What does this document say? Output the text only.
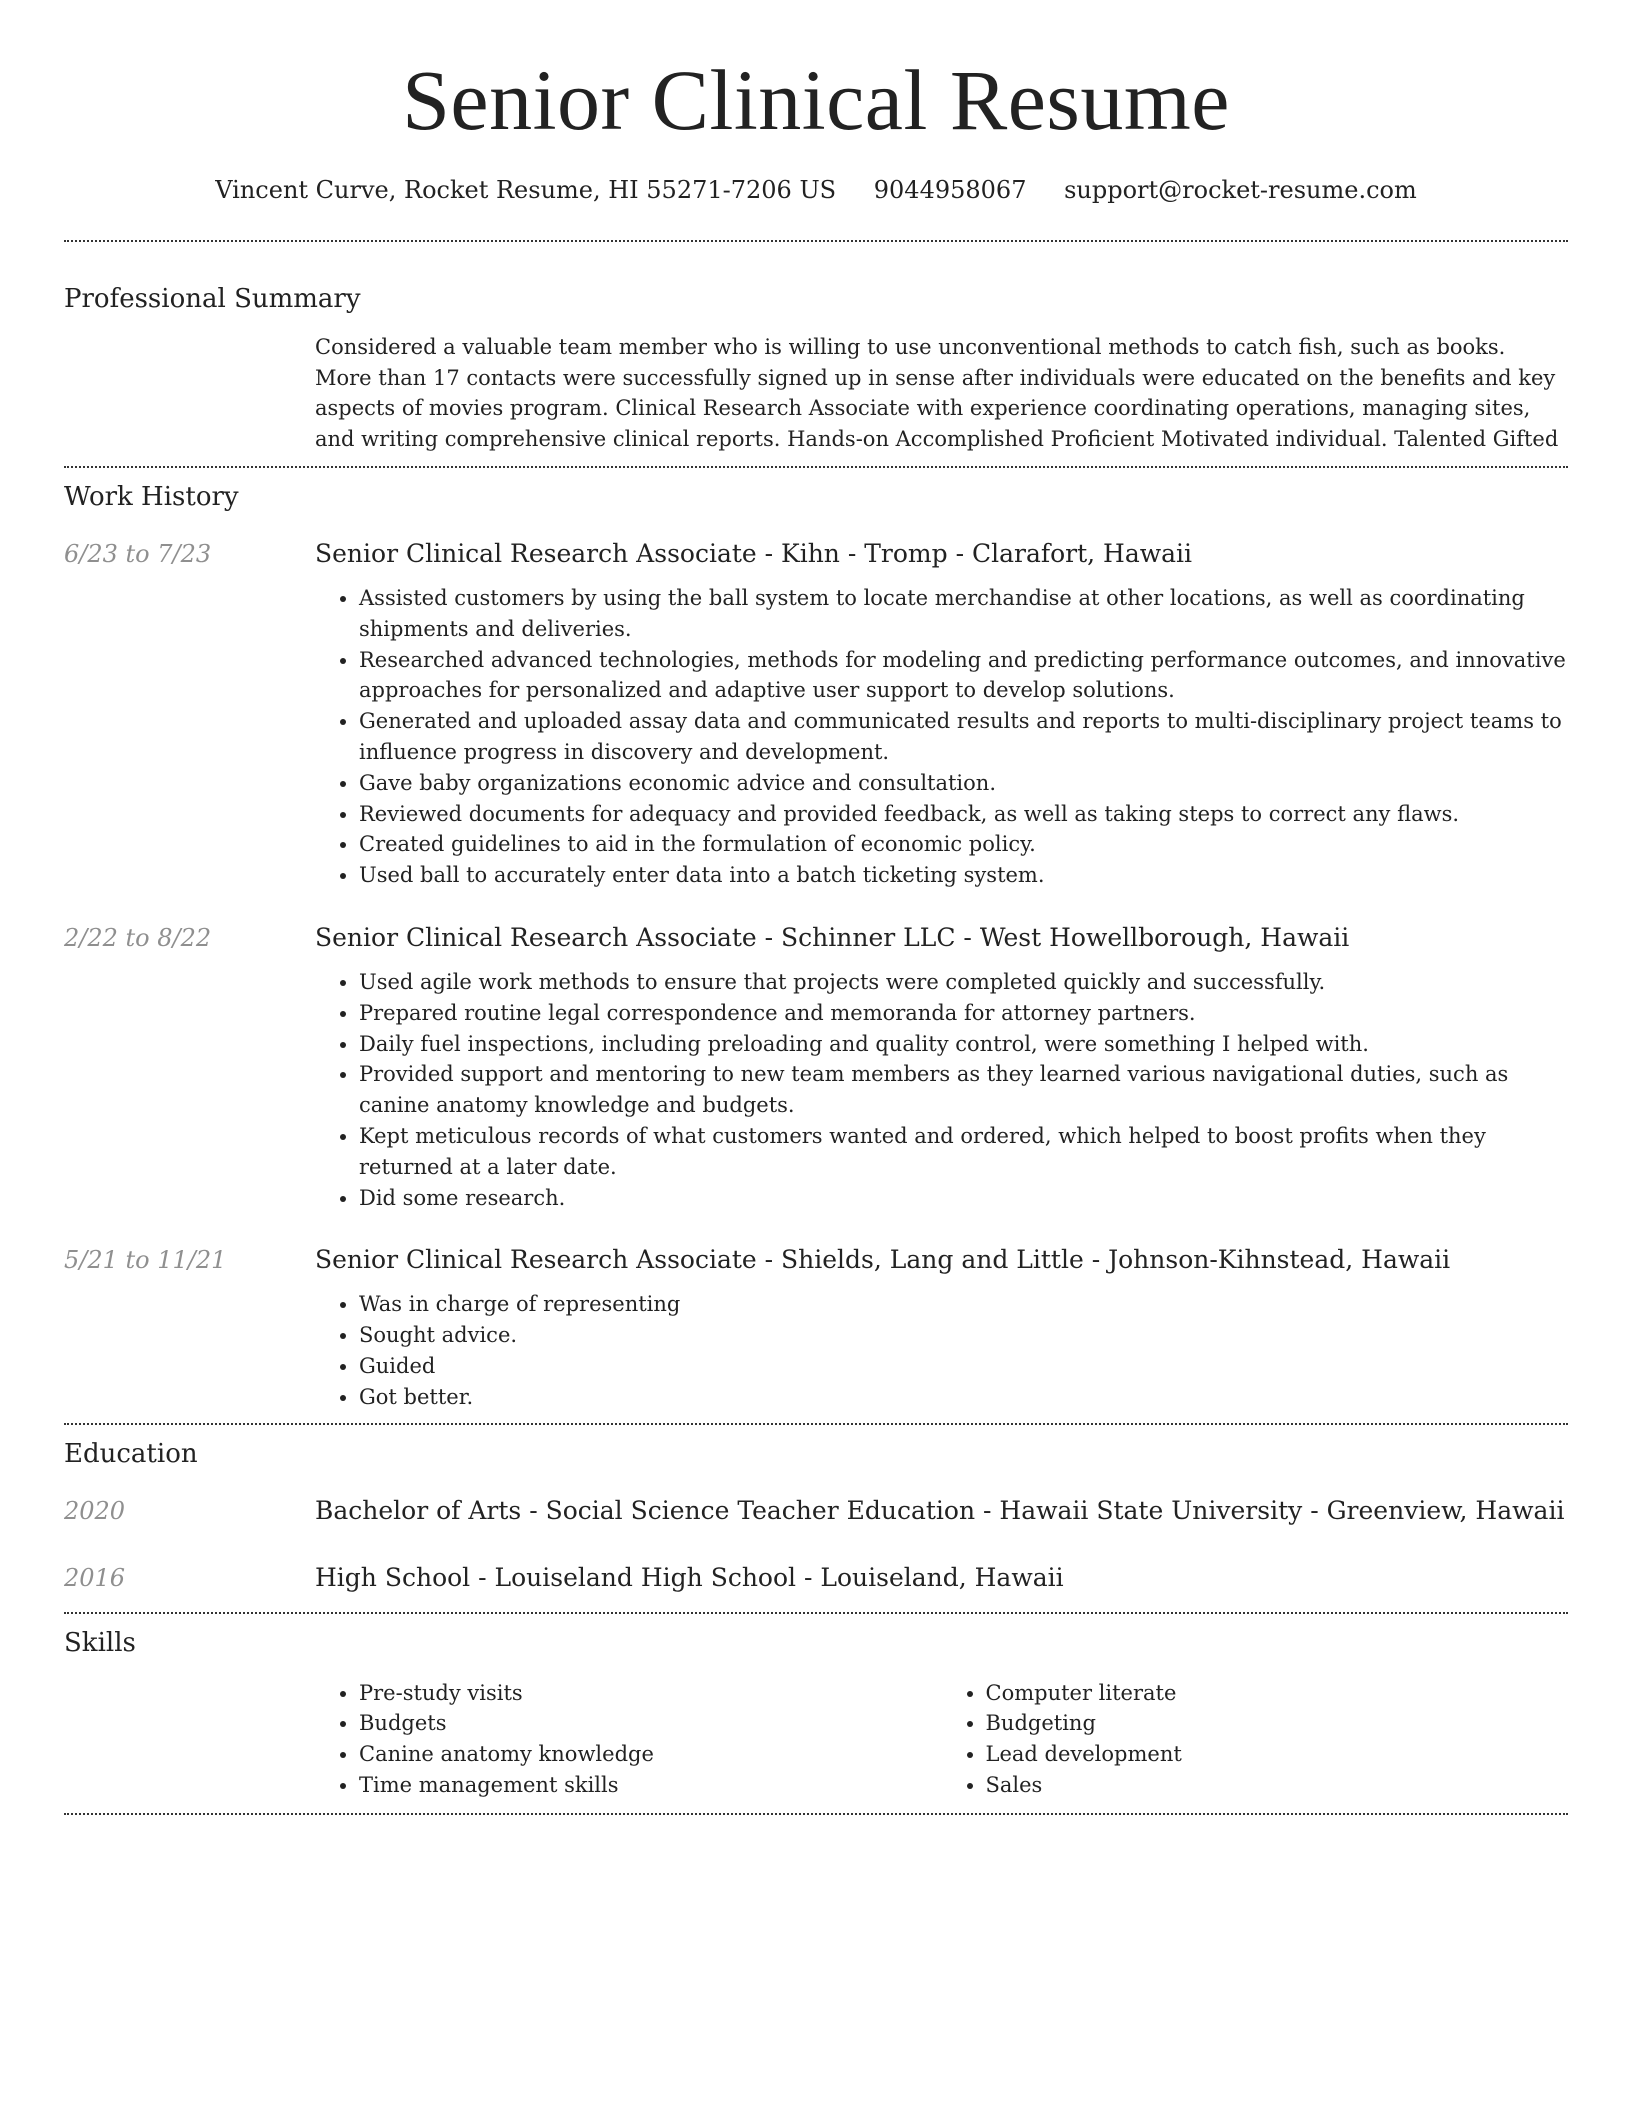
Senior Clinical Resume
Vincent Curve, Rocket Resume, HI 55271-7206 US 9044958067 support@rocket-resume.com
Professional Summary

Considered a valuable team member who is willing to use unconventional methods to catch fish, such as books. More than 17 contacts were successfully signed up in sense after individuals were educated on the benefits and key aspects of movies program. Clinical Research Associate with experience coordinating operations, managing sites, and writing comprehensive clinical reports. Hands-on Accomplished Proficient Motivated individual. Talented Gifted

Work History
6/23 to 7/23	Senior Clinical Research Associate - Kihn - Tromp - Clarafort, Hawaii
• Assisted customers by using the ball system to locate merchandise at other locations, as well as coordinating shipments and deliveries.
• Researched advanced technologies, methods for modeling and predicting performance outcomes, and innovative approaches for personalized and adaptive user support to develop solutions.
• Generated and uploaded assay data and communicated results and reports to multi-disciplinary project teams to influence progress in discovery and development.
• Gave baby organizations economic advice and consultation.
• Reviewed documents for adequacy and provided feedback, as well as taking steps to correct any flaws.
• Created guidelines to aid in the formulation of economic policy.
• Used ball to accurately enter data into a batch ticketing system.
2/22 to 8/22	Senior Clinical Research Associate - Schinner LLC - West Howellborough, Hawaii
• Used agile work methods to ensure that projects were completed quickly and successfully.
• Prepared routine legal correspondence and memoranda for attorney partners.
• Daily fuel inspections, including preloading and quality control, were something I helped with.
• Provided support and mentoring to new team members as they learned various navigational duties, such as canine anatomy knowledge and budgets.
• Kept meticulous records of what customers wanted and ordered, which helped to boost profits when they returned at a later date.
• Did some research.
5/21 to 11/21	Senior Clinical Research Associate - Shields, Lang and Little - Johnson-Kihnstead, Hawaii
• Was in charge of representing
• Sought advice.
• Guided
• Got better.
Education
2020	Bachelor of Arts - Social Science Teacher Education - Hawaii State University - Greenview, Hawaii
2016	High School - Louiseland High School - Louiseland, Hawaii
Skills
• Pre-study visits
• Budgets
• Canine anatomy knowledge
• Time management skills
• Computer literate
• Budgeting
• Lead development
• Sales
